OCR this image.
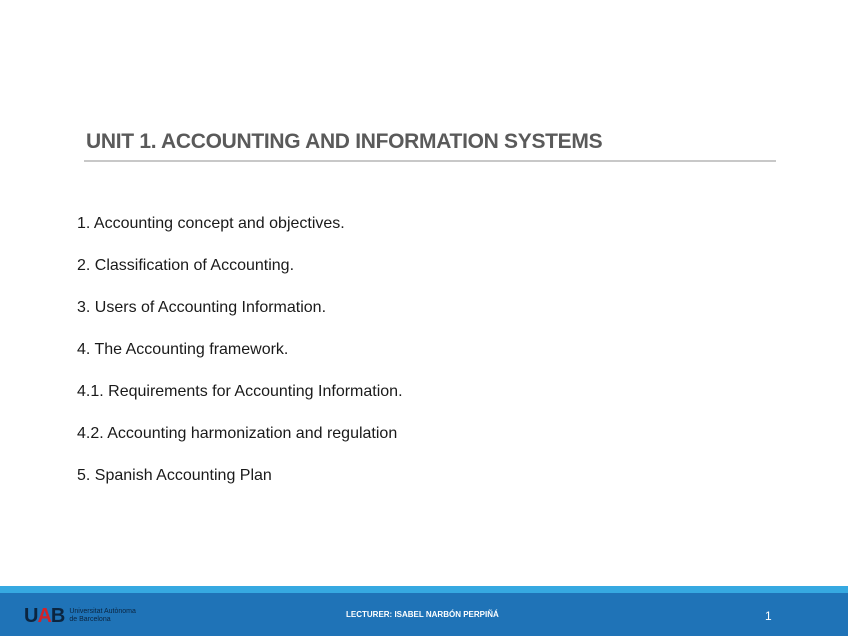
UNIT 1. ACCOUNTING AND INFORMATION SYSTEMS
1. Accounting concept and objectives.
2. Classification of Accounting.
3. Users of Accounting Information.
4. The Accounting framework.
4.1. Requirements for Accounting Information.
4.2. Accounting harmonization and regulation
5. Spanish Accounting Plan
UAB Universitat Autònoma
de Barcelona
LECTURER: ISABEL NARBÓN PERPIÑÁ	1
